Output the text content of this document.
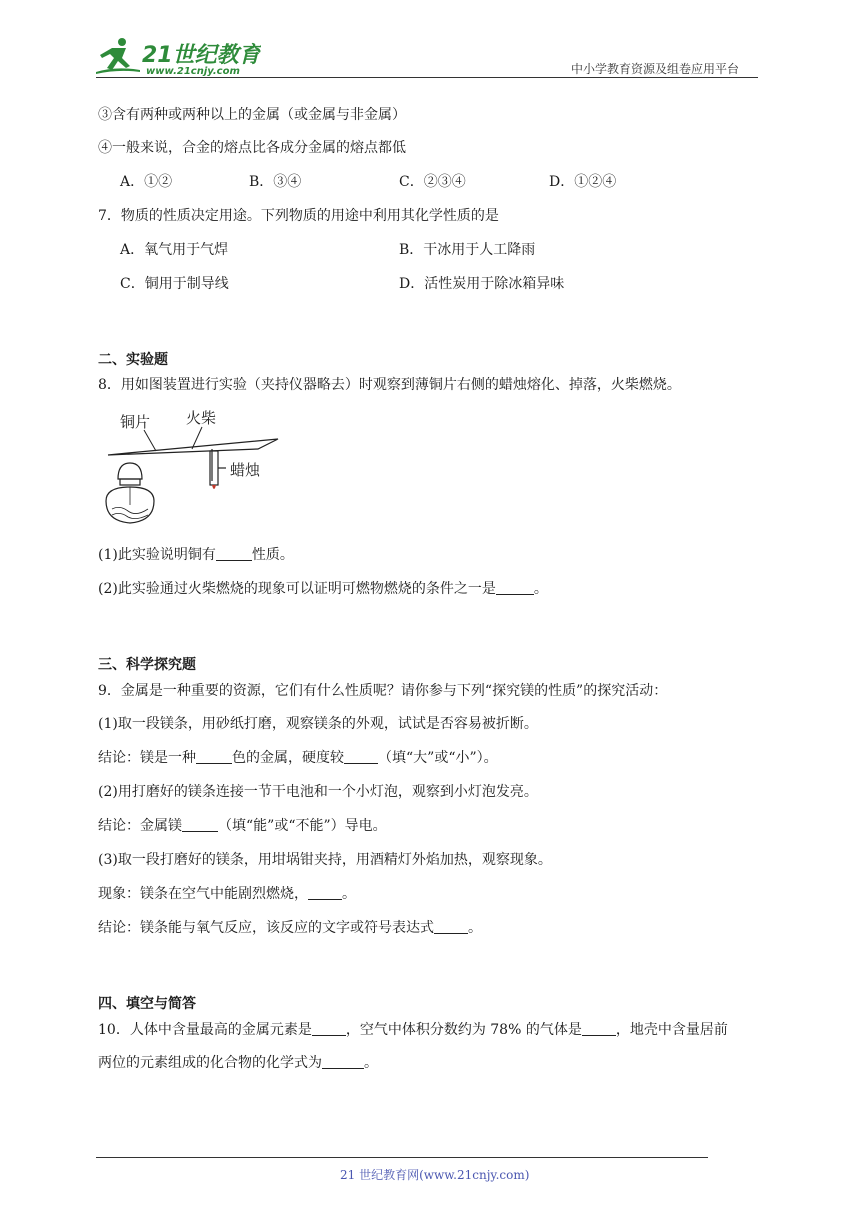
21世纪教育
www.21cnjy.com	中小学教育资源及组卷应用平台
③含有两种或两种以上的金属（或金属与非金属）
④一般来说，合金的熔点比各成分金属的熔点都低
A．①②	B．③④	C．②③④	D．①②④
7．物质的性质决定用途。下列物质的用途中利用其化学性质的是
A．氧气用于气焊	B．干冰用于人工降雨
C．铜用于制导线	D．活性炭用于除冰箱异味
二、实验题
8．用如图装置进行实验（夹持仪器略去）时观察到薄铜片右侧的蜡烛熔化、掉落，火柴燃烧。
铜片 火柴
蜡烛
(1)此实验说明铜有	性质。
(2)此实验通过火柴燃烧的现象可以证明可燃物燃烧的条件之一是	。
三、科学探究题
9．金属是一种重要的资源，它们有什么性质呢？请你参与下列“探究镁的性质”的探究活动：
(1)取一段镁条，用砂纸打磨，观察镁条的外观，试试是否容易被折断。
结论：镁是一种	色的金属，硬度较 （填“大”或“小”）。
(2)用打磨好的镁条连接一节干电池和一个小灯泡，观察到小灯泡发亮。
结论：金属镁	（填“能”或“不能”）导电。
(3)取一段打磨好的镁条，用坩埚钳夹持，用酒精灯外焰加热，观察现象。
现象：镁条在空气中能剧烈燃烧， 。
结论：镁条能与氧气反应，该反应的文字或符号表达式 。
四、填空与简答
10．人体中含量最高的金属元素是 ，空气中体积分数约为 78% 的气体是 ，地壳中含量居前
两位的元素组成的化合物的化学式为	。
21 世纪教育网(www.21cnjy.com)
